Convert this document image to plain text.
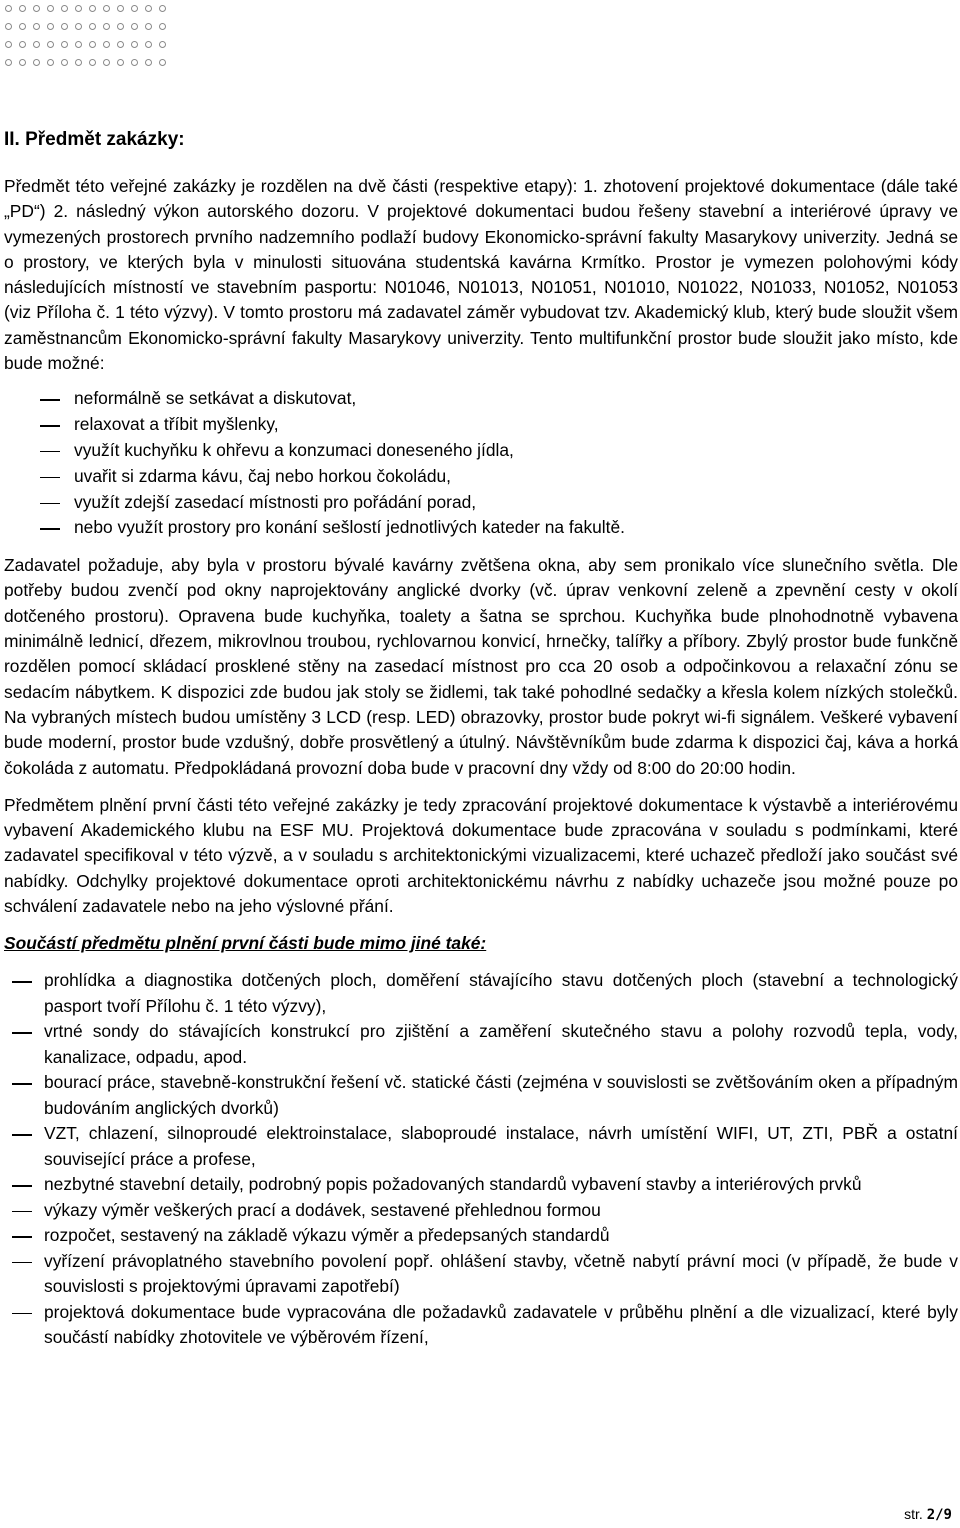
II. Předmět zakázky:

Předmět této veřejné zakázky je rozdělen na dvě části (respektive etapy): 1. zhotovení projektové dokumentace (dále také „PD“) 2. následný výkon autorského dozoru. V projektové dokumentaci budou řešeny stavební a interiérové úpravy ve vymezených prostorech prvního nadzemního podlaží budovy Ekonomicko-správní fakulty Masarykovy univerzity. Jedná se o prostory, ve kterých byla v minulosti situována studentská kavárna Krmítko. Prostor je vymezen polohovými kódy následujících místností ve stavebním pasportu: N01046, N01013, N01051, N01010, N01022, N01033, N01052, N01053 (viz Příloha č. 1 této výzvy). V tomto prostoru má zadavatel záměr vybudovat tzv. Akademický klub, který bude sloužit všem zaměstnancům Ekonomicko-správní fakulty Masarykovy univerzity. Tento multifunkční prostor bude sloužit jako místo, kde bude možné:

neformálně se setkávat a diskutovat,
relaxovat a tříbit myšlenky,
využít kuchyňku k ohřevu a konzumaci doneseného jídla,
uvařit si zdarma kávu, čaj nebo horkou čokoládu,
využít zdejší zasedací místnosti pro pořádání porad,
nebo využít prostory pro konání sešlostí jednotlivých kateder na fakultě.

Zadavatel požaduje, aby byla v prostoru bývalé kavárny zvětšena okna, aby sem pronikalo více slunečního světla. Dle potřeby budou zvenčí pod okny naprojektovány anglické dvorky (vč. úprav venkovní zeleně a zpevnění cesty v okolí dotčeného prostoru). Opravena bude kuchyňka, toalety a šatna se sprchou. Kuchyňka bude plnohodnotně vybavena minimálně lednicí, dřezem, mikrovlnou troubou, rychlovarnou konvicí, hrnečky, talířky a příbory. Zbylý prostor bude funkčně rozdělen pomocí skládací prosklené stěny na zasedací místnost pro cca 20 osob a odpočinkovou a relaxační zónu se sedacím nábytkem. K dispozici zde budou jak stoly se židlemi, tak také pohodlné sedačky a křesla kolem nízkých stolečků. Na vybraných místech budou umístěny 3 LCD (resp. LED) obrazovky, prostor bude pokryt wi-fi signálem. Veškeré vybavení bude moderní, prostor bude vzdušný, dobře prosvětlený a útulný. Návštěvníkům bude zdarma k dispozici čaj, káva a horká čokoláda z automatu. Předpokládaná provozní doba bude v pracovní dny vždy od 8:00 do 20:00 hodin.

Předmětem plnění první části této veřejné zakázky je tedy zpracování projektové dokumentace k výstavbě a interiérovému vybavení Akademického klubu na ESF MU. Projektová dokumentace bude zpracována v souladu s podmínkami, které zadavatel specifikoval v této výzvě, a v souladu s architektonickými vizualizacemi, které uchazeč předloží jako součást své nabídky. Odchylky projektové dokumentace oproti architektonickému návrhu z nabídky uchazeče jsou možné pouze po schválení zadavatele nebo na jeho výslovné přání.

Součástí předmětu plnění první části bude mimo jiné také:
prohlídka a diagnostika dotčených ploch, doměření stávajícího stavu dotčených ploch (stavební a technologický pasport tvoří Přílohu č. 1 této výzvy),
vrtné sondy do stávajících konstrukcí pro zjištění a zaměření skutečného stavu a polohy rozvodů tepla, vody, kanalizace, odpadu, apod.
bourací práce, stavebně-konstrukční řešení vč. statické části (zejména v souvislosti se zvětšováním oken a případným budováním anglických dvorků)
VZT, chlazení, silnoproudé elektroinstalace, slaboproudé instalace, návrh umístění WIFI, UT, ZTI, PBŘ a ostatní související práce a profese,
nezbytné stavební detaily, podrobný popis požadovaných standardů vybavení stavby a interiérových prvků
výkazy výměr veškerých prací a dodávek, sestavené přehlednou formou
rozpočet, sestavený na základě výkazu výměr a předepsaných standardů
vyřízení právoplatného stavebního povolení popř. ohlášení stavby, včetně nabytí právní moci (v případě, že bude v souvislosti s projektovými úpravami zapotřebí)
projektová dokumentace bude vypracována dle požadavků zadavatele v průběhu plnění a dle vizualizací, které byly součástí nabídky zhotovitele ve výběrovém řízení,
str. 2/9
